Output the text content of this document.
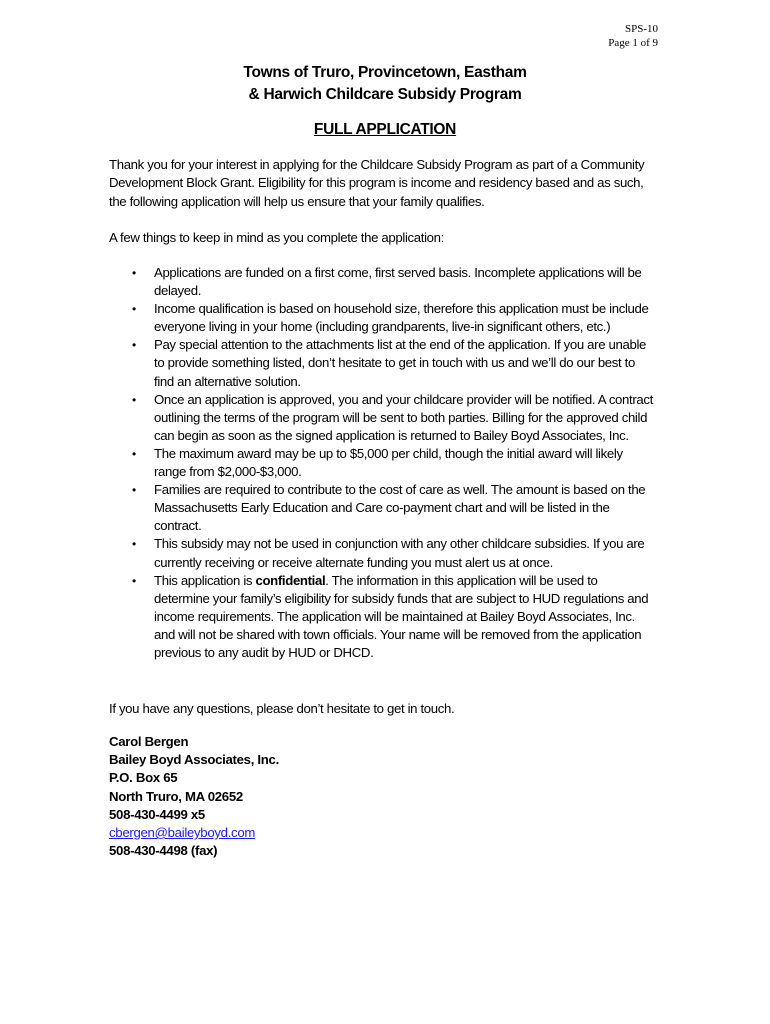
SPS-10
Page 1 of 9
Towns of Truro, Provincetown, Eastham
& Harwich Childcare Subsidy Program
FULL APPLICATION
Thank you for your interest in applying for the Childcare Subsidy Program as part of a Community Development Block Grant. Eligibility for this program is income and residency based and as such, the following application will help us ensure that your family qualifies.
A few things to keep in mind as you complete the application:
• Applications are funded on a first come, first served basis. Incomplete applications will be delayed.
• Income qualification is based on household size, therefore this application must be include everyone living in your home (including grandparents, live-in significant others, etc.)
• Pay special attention to the attachments list at the end of the application. If you are unable to provide something listed, don’t hesitate to get in touch with us and we’ll do our best to find an alternative solution.
• Once an application is approved, you and your childcare provider will be notified. A contract outlining the terms of the program will be sent to both parties. Billing for the approved child can begin as soon as the signed application is returned to Bailey Boyd Associates, Inc.
• The maximum award may be up to $5,000 per child, though the initial award will likely range from $2,000-$3,000.
• Families are required to contribute to the cost of care as well. The amount is based on the Massachusetts Early Education and Care co-payment chart and will be listed in the contract.
• This subsidy may not be used in conjunction with any other childcare subsidies. If you are currently receiving or receive alternate funding you must alert us at once.
• This application is confidential. The information in this application will be used to determine your family’s eligibility for subsidy funds that are subject to HUD regulations and income requirements. The application will be maintained at Bailey Boyd Associates, Inc. and will not be shared with town officials. Your name will be removed from the application previous to any audit by HUD or DHCD.
If you have any questions, please don’t hesitate to get in touch.
Carol Bergen
Bailey Boyd Associates, Inc.
P.O. Box 65
North Truro, MA 02652
508-430-4499 x5
cbergen@baileyboyd.com
508-430-4498 (fax)
